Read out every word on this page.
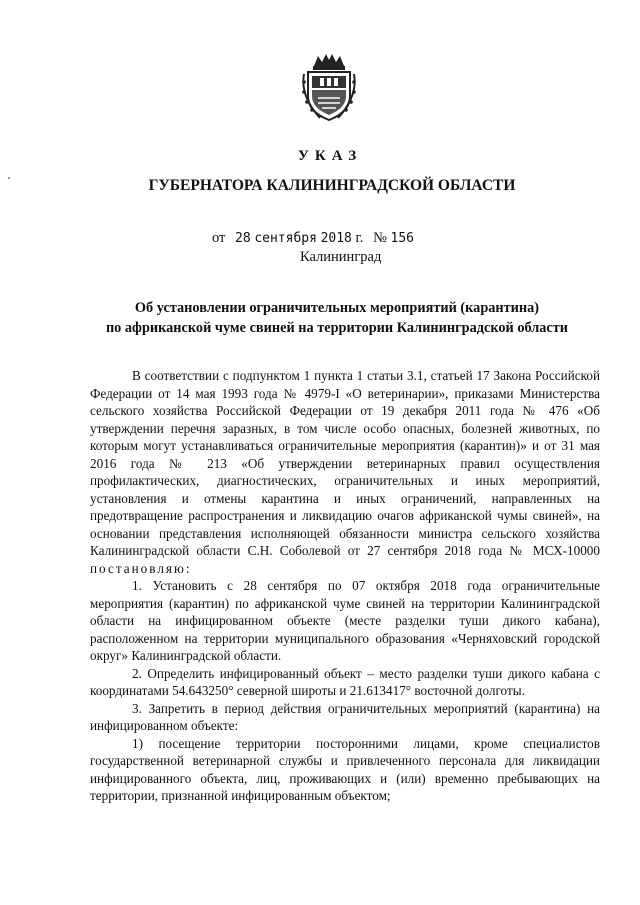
УКАЗ
ГУБЕРНАТОРА КАЛИНИНГРАДСКОЙ ОБЛАСТИ
от 28 сентября 2018 г. № 156
Калининград
Об установлении ограничительных мероприятий (карантина)
по африканской чуме свиней на территории Калининградской области

В соответствии с подпунктом 1 пункта 1 статьи 3.1, статьей 17 Закона Российской Федерации от 14 мая 1993 года № 4979-I «О ветеринарии», приказами Министерства сельского хозяйства Российской Федерации от 19 декабря 2011 года № 476 «Об утверждении перечня заразных, в том числе особо опасных, болезней животных, по которым могут устанавливаться ограничительные мероприятия (карантин)» и от 31 мая 2016 года № 213 «Об утверждении ветеринарных правил осуществления профилактических, диагностических, ограничительных и иных мероприятий, установления и отмены карантина и иных ограничений, направленных на предотвращение распространения и ликвидацию очагов африканской чумы свиней», на основании представления исполняющей обязанности министра сельского хозяйства Калининградской области С.Н. Соболевой от 27 сентября 2018 года № МСХ-10000 постановляю:

1. Установить с 28 сентября по 07 октября 2018 года ограничительные мероприятия (карантин) по африканской чуме свиней на территории Калининградской области на инфицированном объекте (месте разделки туши дикого кабана), расположенном на территории муниципального образования «Черняховский городской округ» Калининградской области.

2. Определить инфицированный объект – место разделки туши дикого кабана с координатами 54.643250° северной широты и 21.613417° восточной долготы.

3. Запретить в период действия ограничительных мероприятий (карантина) на инфицированном объекте:

1) посещение территории посторонними лицами, кроме специалистов государственной ветеринарной службы и привлеченного персонала для ликвидации инфицированного объекта, лиц, проживающих и (или) временно пребывающих на территории, признанной инфицированным объектом;
